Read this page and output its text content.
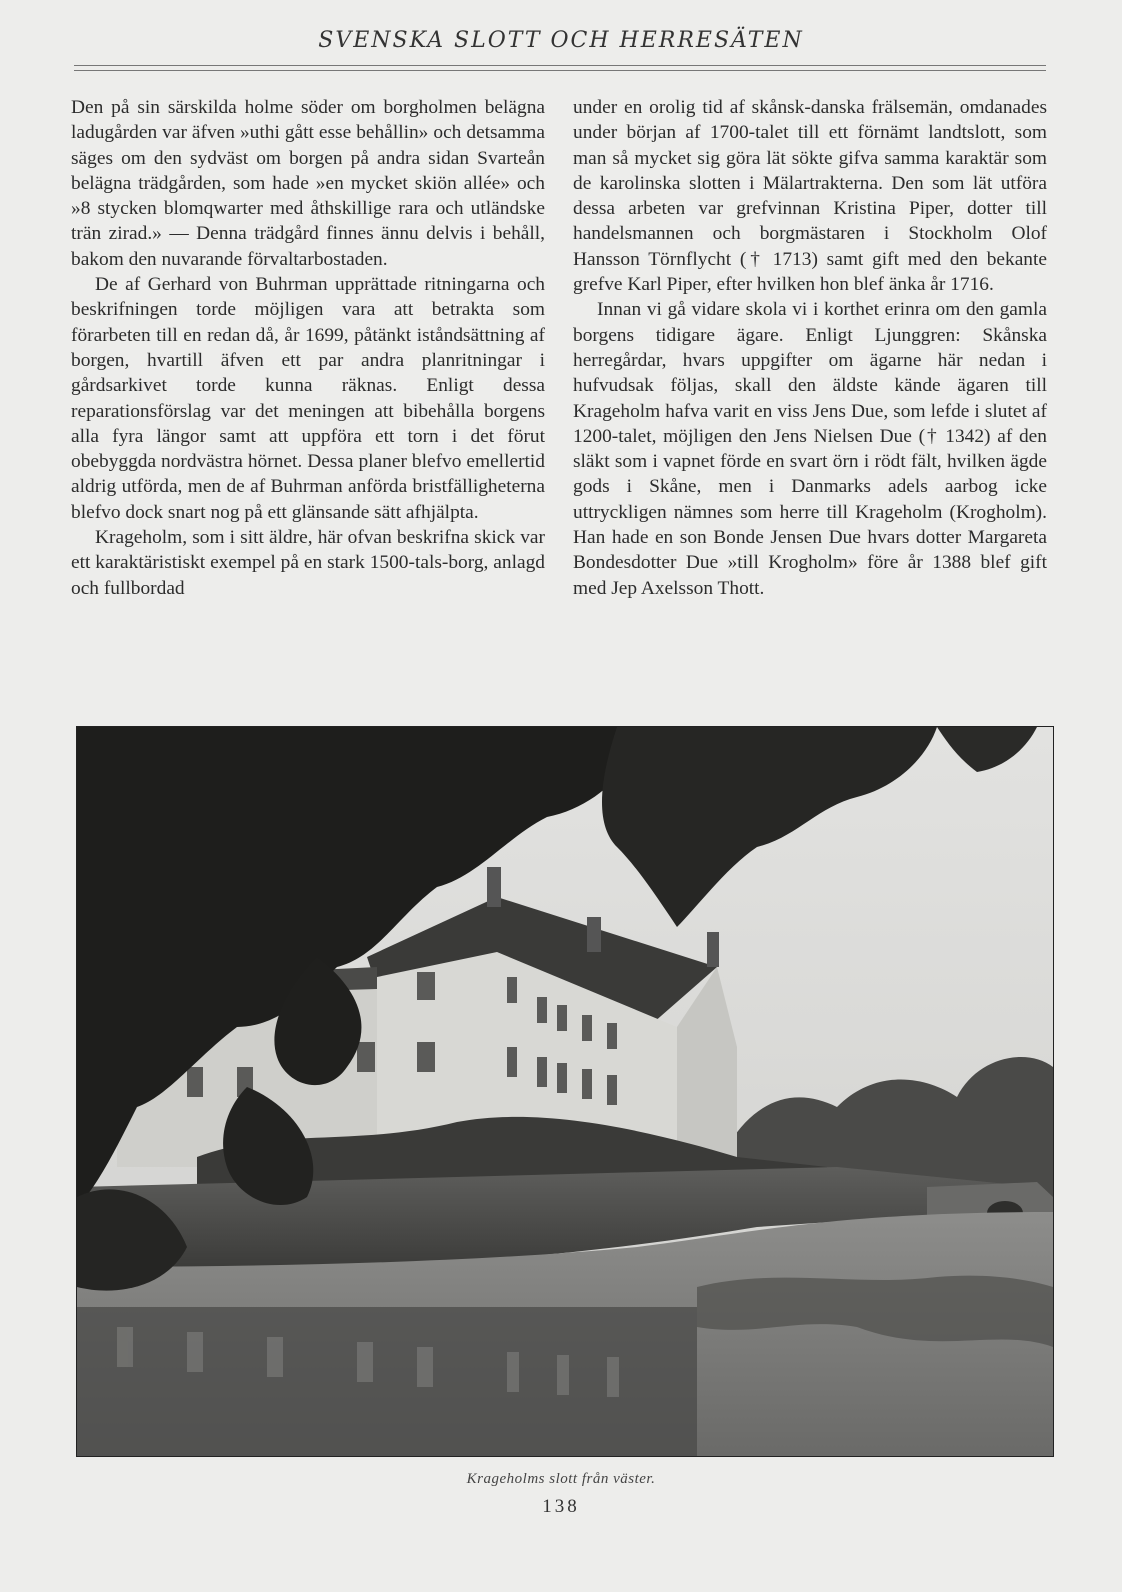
SVENSKA SLOTT OCH HERRESÄTEN

Den på sin särskilda holme söder om borgholmen belägna ladugården var äfven »uthi gått esse behållin» och detsamma säges om den sydväst om borgen på andra sidan Svarteån belägna trädgården, som hade »en mycket skiön allée» och »8 stycken blomqwarter med åthskillige rara och utländske trän zirad.» — Denna trädgård finnes ännu delvis i behåll, bakom den nuvarande förvaltarbostaden.

De af Gerhard von Buhrman upprättade ritningarna och beskrifningen torde möjligen vara att betrakta som förarbeten till en redan då, år 1699, påtänkt iståndsättning af borgen, hvartill äfven ett par andra planritningar i gårdsarkivet torde kunna räknas. Enligt dessa reparationsförslag var det meningen att bibehålla borgens alla fyra längor samt att uppföra ett torn i det förut obebyggda nordvästra hörnet. Dessa planer blefvo emellertid aldrig utförda, men de af Buhrman anförda bristfälligheterna blefvo dock snart nog på ett glänsande sätt afhjälpta.

Krageholm, som i sitt äldre, här ofvan beskrifna skick var ett karaktäristiskt exempel på en stark 1500-tals-borg, anlagd och fullbordad

under en orolig tid af skånsk-danska frälsemän, omdanades under början af 1700-talet till ett förnämt landtslott, som man så mycket sig göra lät sökte gifva samma karaktär som de karolinska slotten i Mälartrakterna. Den som lät utföra dessa arbeten var grefvinnan Kristina Piper, dotter till handelsmannen och borgmästaren i Stockholm Olof Hansson Törnflycht († 1713) samt gift med den bekante grefve Karl Piper, efter hvilken hon blef änka år 1716.

Innan vi gå vidare skola vi i korthet erinra om den gamla borgens tidigare ägare. Enligt Ljunggren: Skånska herregårdar, hvars uppgifter om ägarne här nedan i hufvudsak följas, skall den äldste kände ägaren till Krageholm hafva varit en viss Jens Due, som lefde i slutet af 1200-talet, möjligen den Jens Nielsen Due († 1342) af den släkt som i vapnet förde en svart örn i rödt fält, hvilken ägde gods i Skåne, men i Danmarks adels aarbog icke uttryckligen nämnes som herre till Krageholm (Krogholm). Han hade en son Bonde Jensen Due hvars dotter Margareta Bondesdotter Due »till Krogholm» före år 1388 blef gift med Jep Axelsson Thott.

Krageholms slott från väster.
138
